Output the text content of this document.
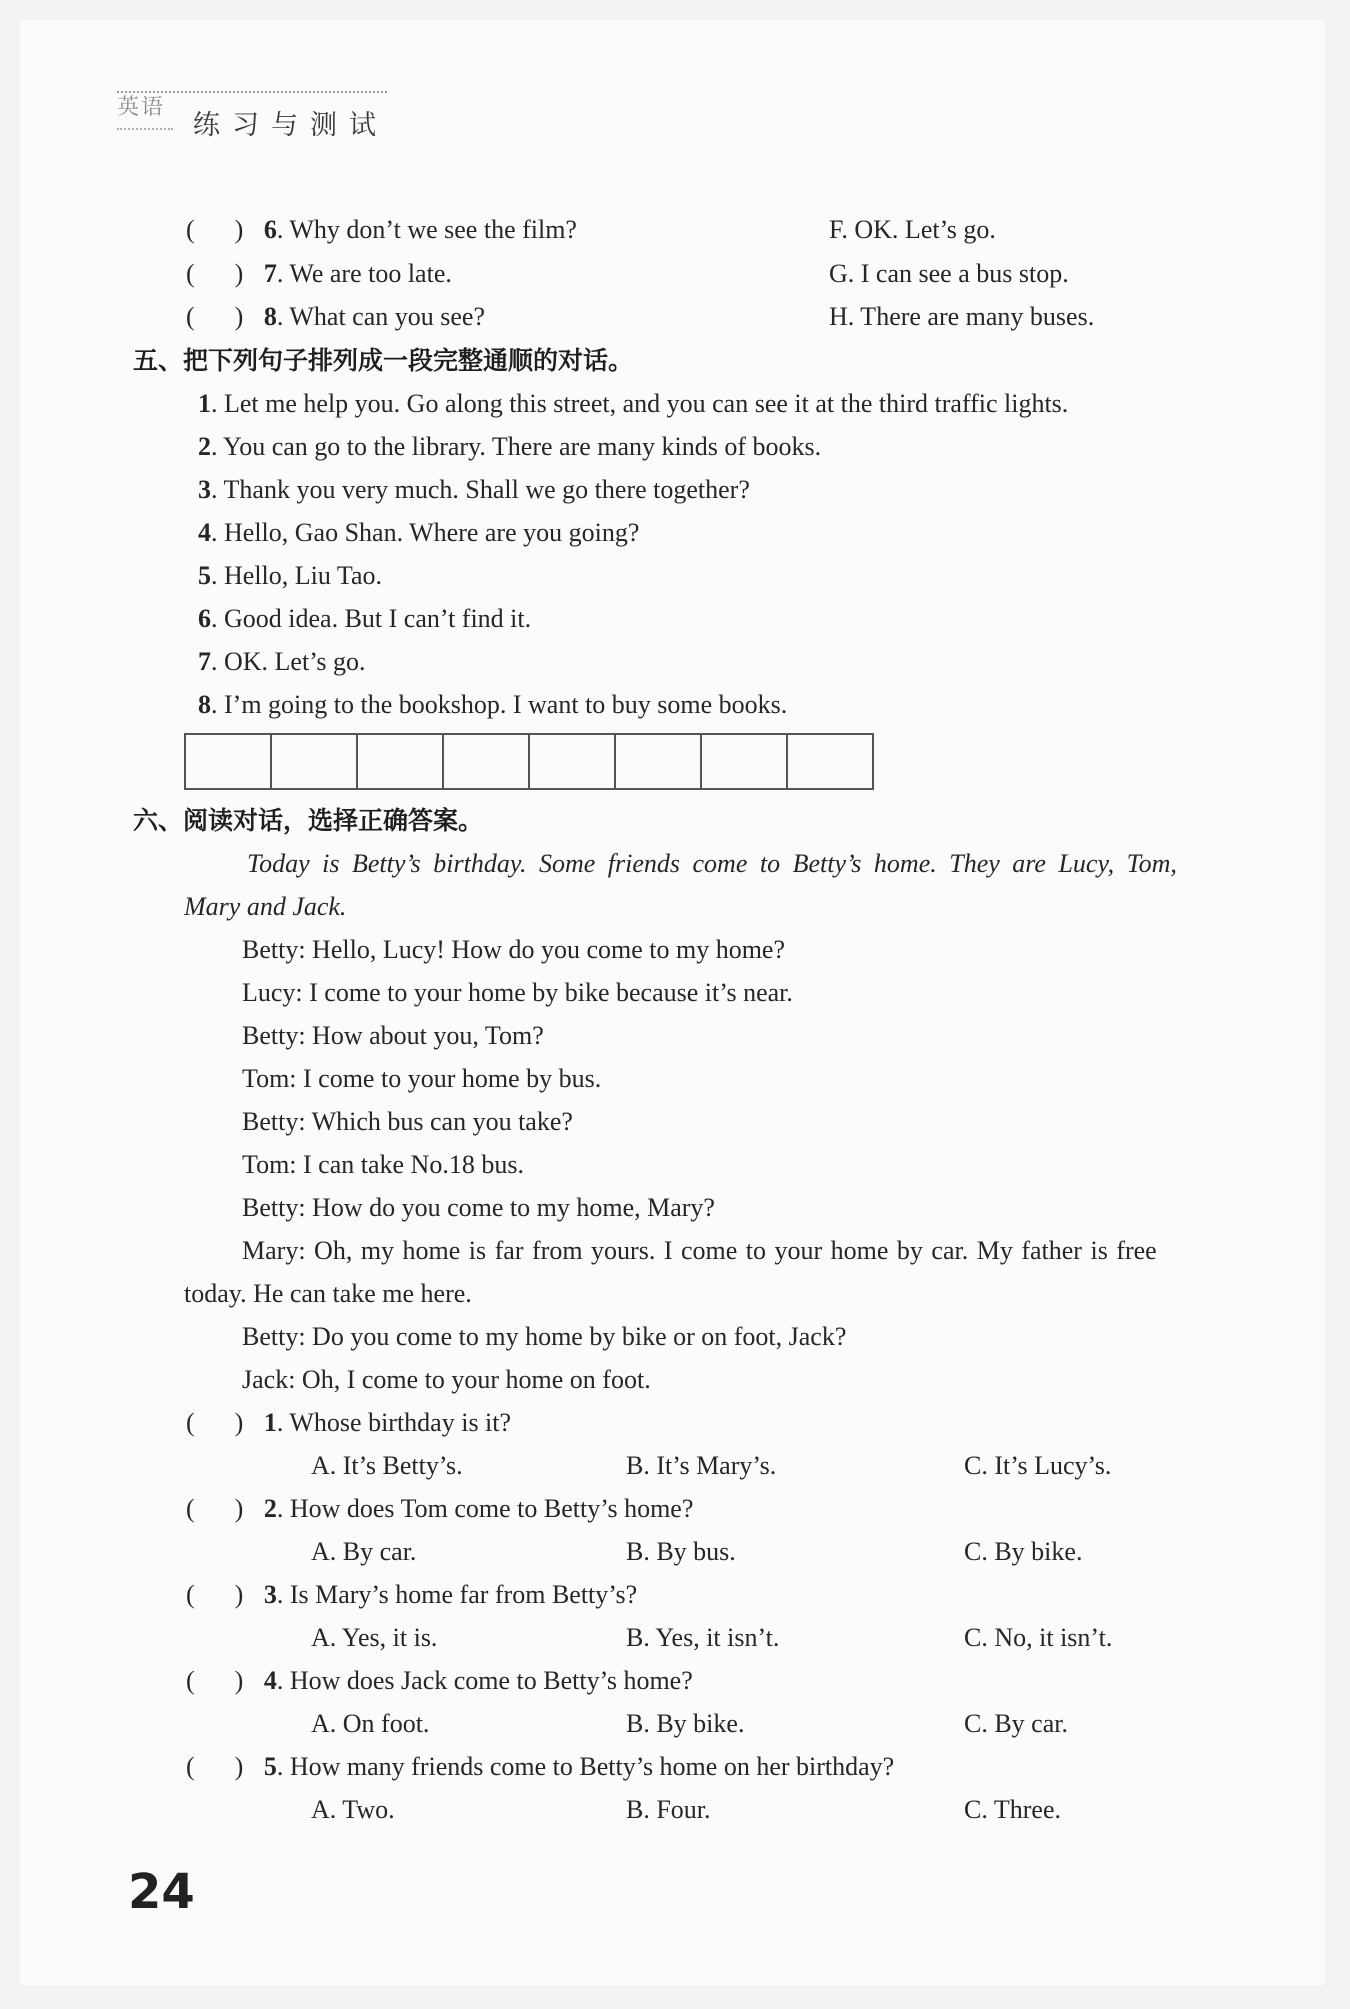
英语
练习与测试
( ) 6. Why don’t we see the film?	F. OK. Let’s go.
( ) 7. We are too late.	G. I can see a bus stop.
( ) 8. What can you see?	H. There are many buses.
五、把下列句子排列成一段完整通顺的对话。
1. Let me help you. Go along this street, and you can see it at the third traffic lights.
2. You can go to the library. There are many kinds of books.
3. Thank you very much. Shall we go there together?
4. Hello, Gao Shan. Where are you going?
5. Hello, Liu Tao.
6. Good idea. But I can’t find it.
7. OK. Let’s go.
8. I’m going to the bookshop. I want to buy some books.
六、阅读对话，选择正确答案。
Today is Betty’s birthday. Some friends come to Betty’s home. They are Lucy, Tom,
Mary and Jack.
Betty: Hello, Lucy! How do you come to my home?
Lucy: I come to your home by bike because it’s near.
Betty: How about you, Tom?
Tom: I come to your home by bus.
Betty: Which bus can you take?
Tom: I can take No.18 bus.
Betty: How do you come to my home, Mary?
Mary: Oh, my home is far from yours. I come to your home by car. My father is free
today. He can take me here.
Betty: Do you come to my home by bike or on foot, Jack?
Jack: Oh, I come to your home on foot.
( ) 1. Whose birthday is it?
A. It’s Betty’s.	B. It’s Mary’s.	C. It’s Lucy’s.
( ) 2. How does Tom come to Betty’s home?
A. By car.	B. By bus.	C. By bike.
( ) 3. Is Mary’s home far from Betty’s?
A. Yes, it is.	B. Yes, it isn’t.	C. No, it isn’t.
( ) 4. How does Jack come to Betty’s home?
A. On foot.	B. By bike.	C. By car.
( ) 5. How many friends come to Betty’s home on her birthday?
A. Two.	B. Four.	C. Three.
24
